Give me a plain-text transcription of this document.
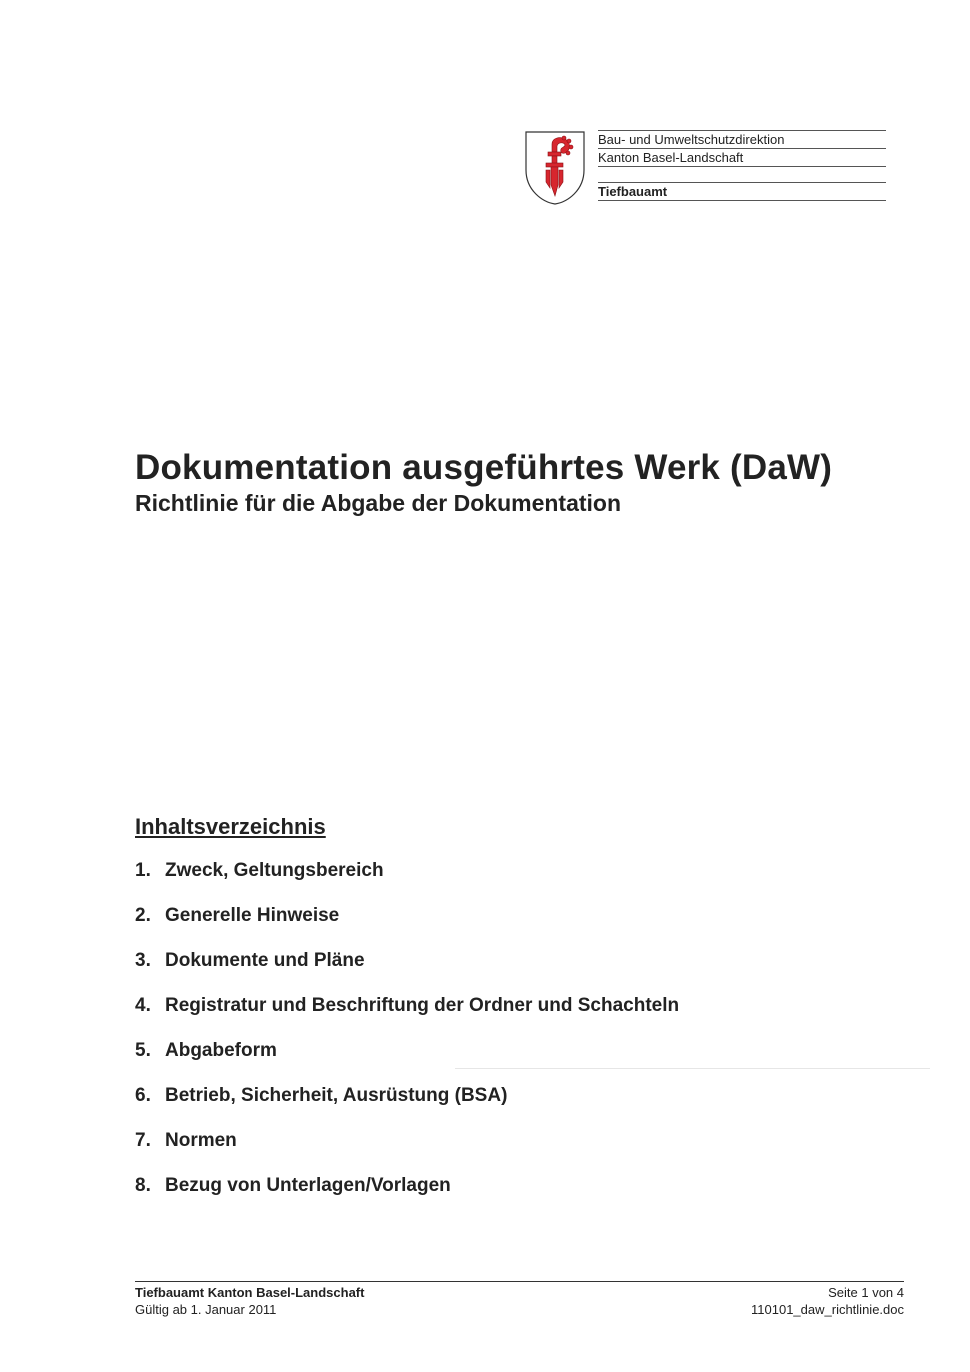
Bau- und Umweltschutzdirektion
Kanton Basel-Landschaft
Tiefbauamt
Dokumentation ausgeführtes Werk (DaW)
Richtlinie für die Abgabe der Dokumentation
Inhaltsverzeichnis
1. Zweck, Geltungsbereich
2. Generelle Hinweise
3. Dokumente und Pläne
4. Registratur und Beschriftung der Ordner und Schachteln
5. Abgabeform
6. Betrieb, Sicherheit, Ausrüstung (BSA)
7. Normen
8. Bezug von Unterlagen/Vorlagen
Tiefbauamt Kanton Basel-Landschaft
Gültig ab 1. Januar 2011
Seite 1 von 4
110101_daw_richtlinie.doc
